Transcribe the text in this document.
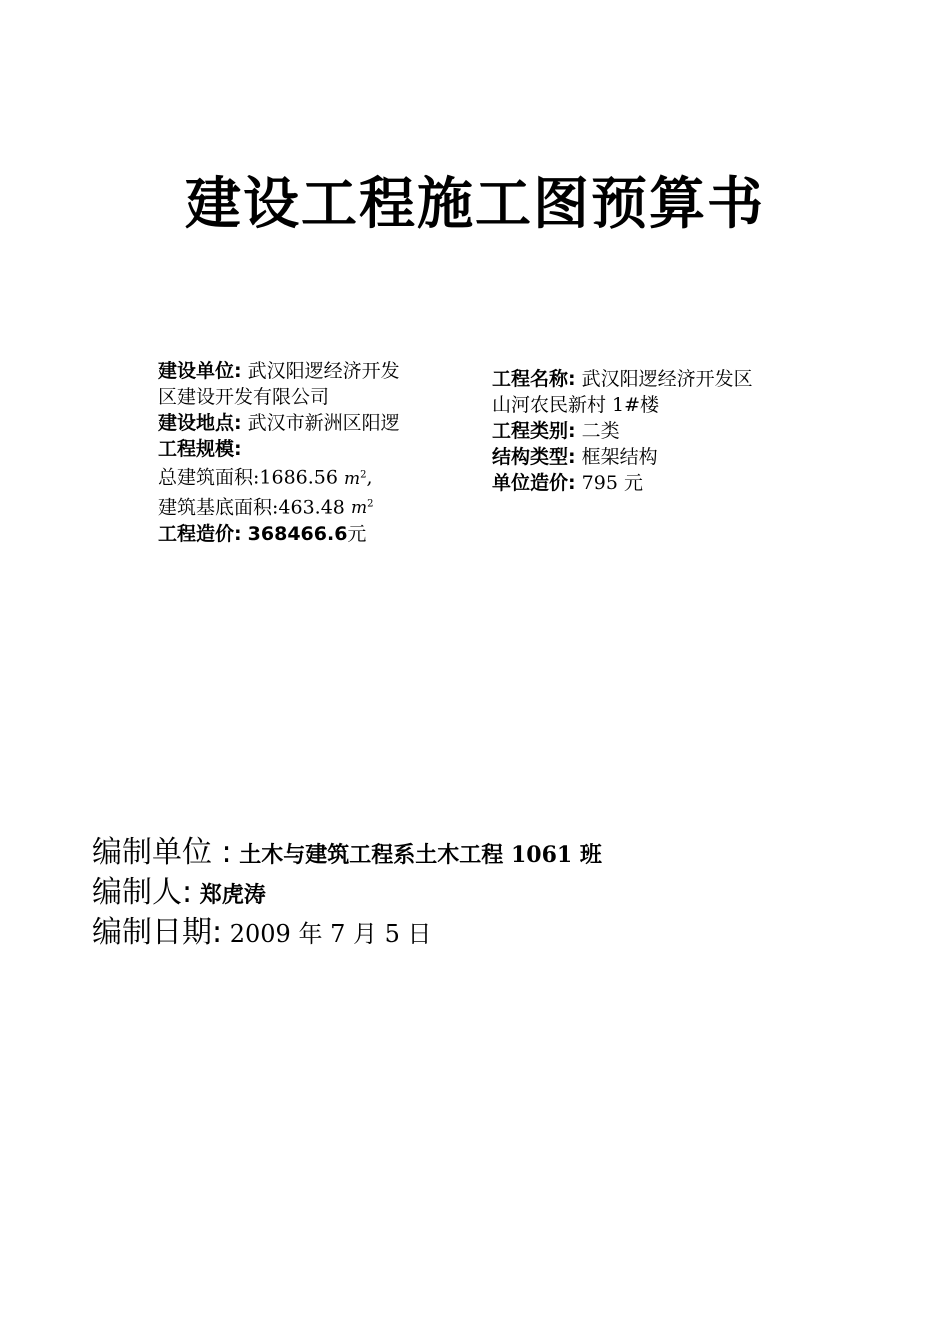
建设工程施工图预算书
建设单位: 武汉阳逻经济开发
区建设开发有限公司
建设地点: 武汉市新洲区阳逻
工程规模:
总建筑面积:1686.56 $m^2$,
建筑基底面积:463.48 $m^2$
工程造价: 368466.6元
工程名称: 武汉阳逻经济开发区
山河农民新村 1#楼
工程类别: 二类
结构类型: 框架结构
单位造价: 795 元
编制单位 : 土木与建筑工程系土木工程 1061 班
编制人: 郑虎涛
编制日期: 2009 年 7 月 5 日
